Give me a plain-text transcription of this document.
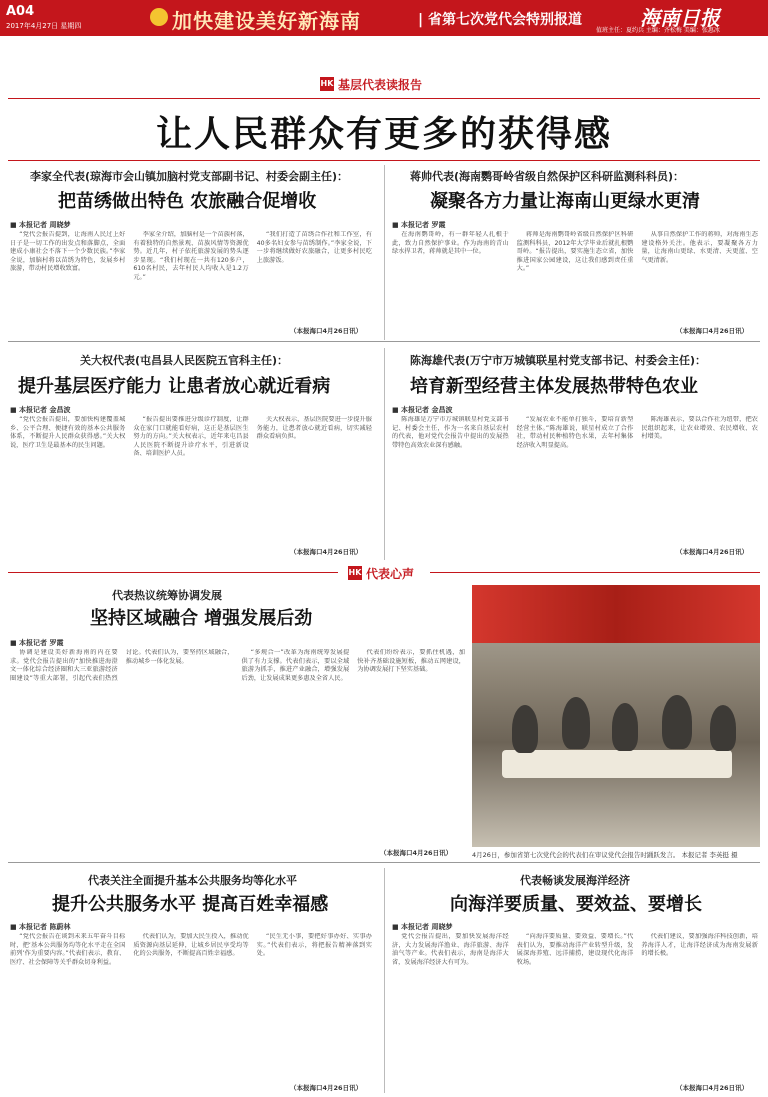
A04
2017年4月27日 星期四	加快建设美好新海南	| 省第七次党代会特别报道	海南日报
值班主任：夏约兵 主编：齐松梅 美编：张惠冰
HK 基层代表读报告
让人民群众有更多的获得感
李家全代表(琼海市会山镇加脑村党支部副书记、村委会副主任)：
把苗绣做出特色 农旅融合促增收
■ 本报记者 周晓梦

“党代会报告提到，让海南人民过上好日子是一切工作的出发点和落脚点，全面建成小康社会不落下一个少数民族。”李家全说，加脑村将以苗绣为特色，发展乡村旅游，带动村民增收致富。

李家全介绍，加脑村是一个苗族村落，有着独特的自然景观、苗族风情等资源优势。近几年，村子依托旅游发展的势头逐步显现。“我们村现在一共有120多户，610名村民，去年村民人均收入是1.2万元。”

“我们打造了苗绣合作社和工作室，有40多名妇女参与苗绣制作。”李家全说，下一步将继续做好农旅融合，让更多村民吃上旅游饭。

（本报海口4月26日讯）
蒋帅代表(海南鹦哥岭省级自然保护区科研监测科科员)：
凝聚各方力量让海南山更绿水更清
■ 本报记者 罗霞

在海南鹦哥岭，有一群年轻人扎根于此，致力自然保护事业。作为海南的青山绿水捍卫者，蒋帅就是其中一位。

蒋帅是海南鹦哥岭省级自然保护区科研监测科科员，2012年大学毕业后就扎根鹦哥岭。“报告提出，要实施生态立省，加快推进国家公园建设，这让我们感到责任重大。”

从事自然保护工作的蒋帅，对海南生态建设格外关注。他表示，要凝聚各方力量，让海南山更绿、水更清、天更蓝、空气更清新。

（本报海口4月26日讯）
关大权代表(屯昌县人民医院五官科主任)：
提升基层医疗能力 让患者放心就近看病
■ 本报记者 金昌波

“党代会报告提出，要加快构建覆盖城乡、公平合理、便捷有效的基本公共服务体系，不断提升人民群众获得感。”关大权说，医疗卫生是最基本的民生问题。

“报告提出要推进分级诊疗制度，让群众在家门口就能看好病，这正是基层医生努力的方向。”关大权表示，近年来屯昌县人民医院不断提升诊疗水平，引进新设备、培训医护人员。

关大权表示，基层医院要进一步提升服务能力，让患者放心就近看病，切实减轻群众看病负担。

（本报海口4月26日讯）
陈海雄代表(万宁市万城镇联星村党支部书记、村委会主任)：
培育新型经营主体发展热带特色农业
■ 本报记者 金昌波

陈海雄是万宁市万城镇联星村党支部书记、村委会主任，作为一名来自基层农村的代表，他对党代会报告中提出的发展热带特色高效农业深有感触。

“发展农业不能单打独斗，要培育新型经营主体。”陈海雄说，联星村成立了合作社，带动村民种植特色水果，去年村集体经济收入明显提高。

陈海雄表示，要以合作社为纽带，把农民组织起来，让农业增效、农民增收、农村增美。

（本报海口4月26日讯）
HK 代表心声
代表热议统筹协调发展
坚持区域融合 增强发展后劲
■ 本报记者 罗霞

协调是建设美好新海南的内在要求。党代会报告提出的“加快推进海澄文一体化综合经济圈和大三亚旅游经济圈建设”等重大部署，引起代表们热烈讨论。代表们认为，要坚持区域融合，推动城乡一体化发展。

“多规合一”改革为海南统筹发展提供了有力支撑。代表们表示，要以全域旅游为抓手，推进产业融合，增强发展后劲，让发展成果更多惠及全省人民。

代表们纷纷表示，要抓住机遇，加快补齐基础设施短板，推动五网建设，为协调发展打下坚实基础。

（本报海口4月26日讯）	4月26日，参加省第七次党代会的代表们在审议党代会报告时踊跃发言。 本报记者 李英挺 摄
代表关注全面提升基本公共服务均等化水平
提升公共服务水平 提高百姓幸福感
■ 本报记者 陈蔚林

“党代会报告在谈到未来五年奋斗目标时，把‘基本公共服务均等化水平走在全国前列’作为重要内容。”代表们表示，教育、医疗、社会保障等关乎群众切身利益。

代表们认为，要加大民生投入，推动优质资源向基层延伸，让城乡居民享受均等化的公共服务，不断提高百姓幸福感。

“民生无小事，要把好事办好、实事办实。”代表们表示，将把报告精神落到实处。

（本报海口4月26日讯）
代表畅谈发展海洋经济
向海洋要质量、要效益、要增长
■ 本报记者 周晓梦

党代会报告提出，要加快发展海洋经济，大力发展海洋渔业、海洋旅游、海洋油气等产业。代表们表示，海南是海洋大省，发展海洋经济大有可为。

“向海洋要质量、要效益、要增长。”代表们认为，要推动海洋产业转型升级，发展深海养殖、远洋捕捞，建设现代化海洋牧场。

代表们建议，要加强海洋科技创新，培养海洋人才，让海洋经济成为海南发展新的增长极。

（本报海口4月26日讯）
